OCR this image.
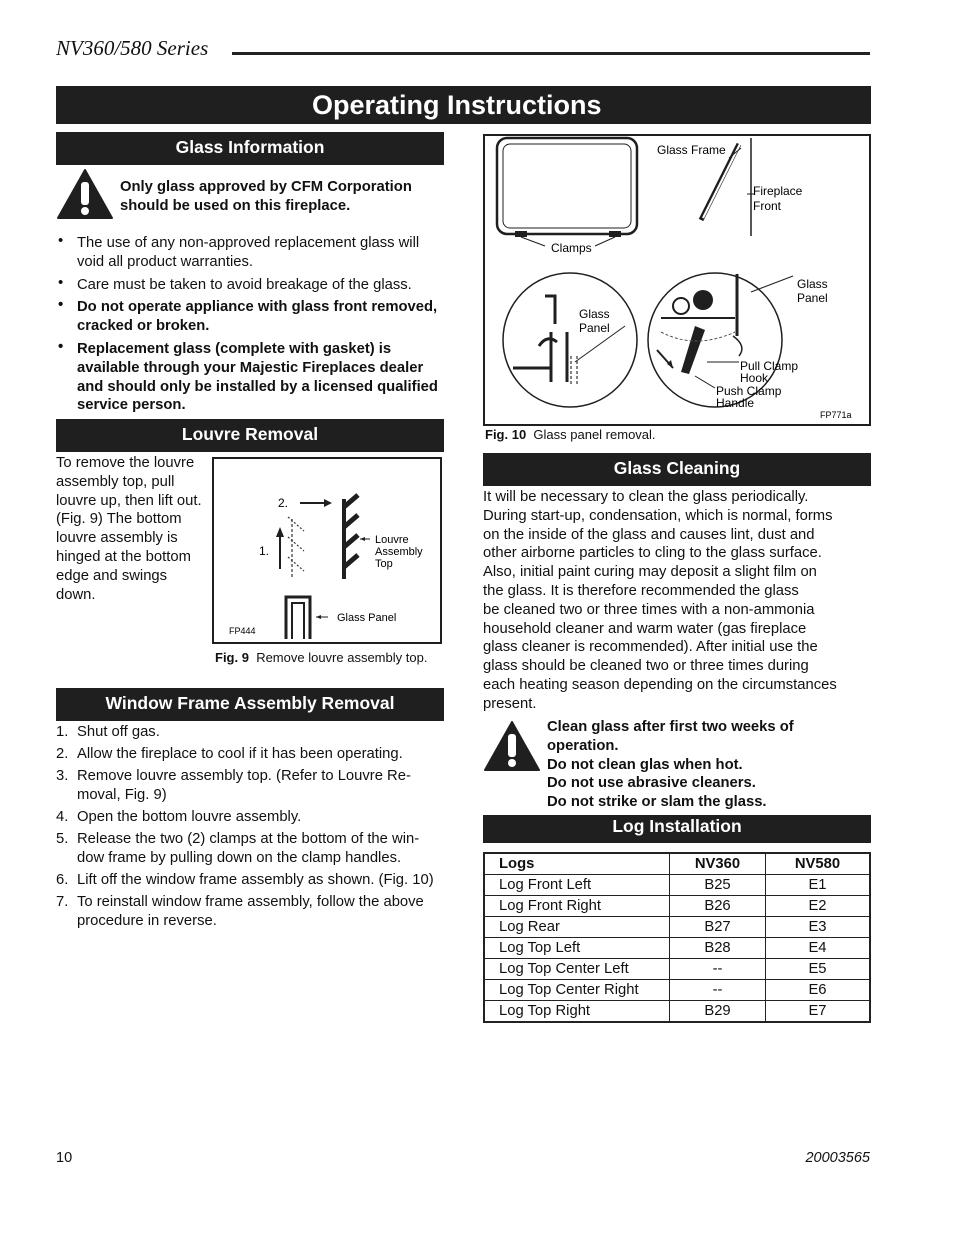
NV360/580 Series
Operating Instructions
Glass Information
Only glass approved by CFM Corporation
should be used on this fireplace.
• The use of any non-approved replacement glass will void all product warranties.
• Care must be taken to avoid breakage of the glass.
• Do not operate appliance with glass front removed, cracked or broken.
• Replacement glass (complete with gasket) is available through your Majestic Fireplaces dealer and should only be installed by a licensed qualified service person.
Louvre Removal
To remove the louvre assembly top, pull louvre up, then lift out. (Fig. 9) The bottom louvre assembly is hinged at the bottom edge and swings down.
2.
1.
Louvre
Assembly
Top
Glass Panel
FP444
Fig. 9 Remove louvre assembly top.
Window Frame Assembly Removal
1. Shut off gas.
2. Allow the fireplace to cool if it has been operating.
3. Remove louvre assembly top. (Refer to Louvre Re-moval, Fig. 9)
4. Open the bottom louvre assembly.
5. Release the two (2) clamps at the bottom of the win-dow frame by pulling down on the clamp handles.
6. Lift off the window frame assembly as shown. (Fig. 10)
7. To reinstall window frame assembly, follow the above procedure in reverse.
Glass Frame
Fireplace
Front
Clamps
Glass
Panel
Glass
Panel
Pull Clamp
Hook
Push Clamp
Handle
FP771a
Fig. 10 Glass panel removal.
Glass Cleaning
It will be necessary to clean the glass periodically.
During start-up, condensation, which is normal, forms
on the inside of the glass and causes lint, dust and
other airborne particles to cling to the glass surface.
Also, initial paint curing may deposit a slight film on
the glass. It is therefore recommended the glass
be cleaned two or three times with a non-ammonia
household cleaner and warm water (gas fireplace
glass cleaner is recommended). After initial use the
glass should be cleaned two or three times during
each heating season depending on the circumstances
present.
Clean glass after first two weeks of
operation.
Do not clean glas when hot.
Do not use abrasive cleaners.
Do not strike or slam the glass.
Log Installation
Logs	NV360	NV580
Log Front Left	B25	E1
Log Front Right	B26	E2
Log Rear	B27	E3
Log Top Left	B28	E4
Log Top Center Left	--	E5
Log Top Center Right	--	E6
Log Top Right	B29	E7
10	20003565
